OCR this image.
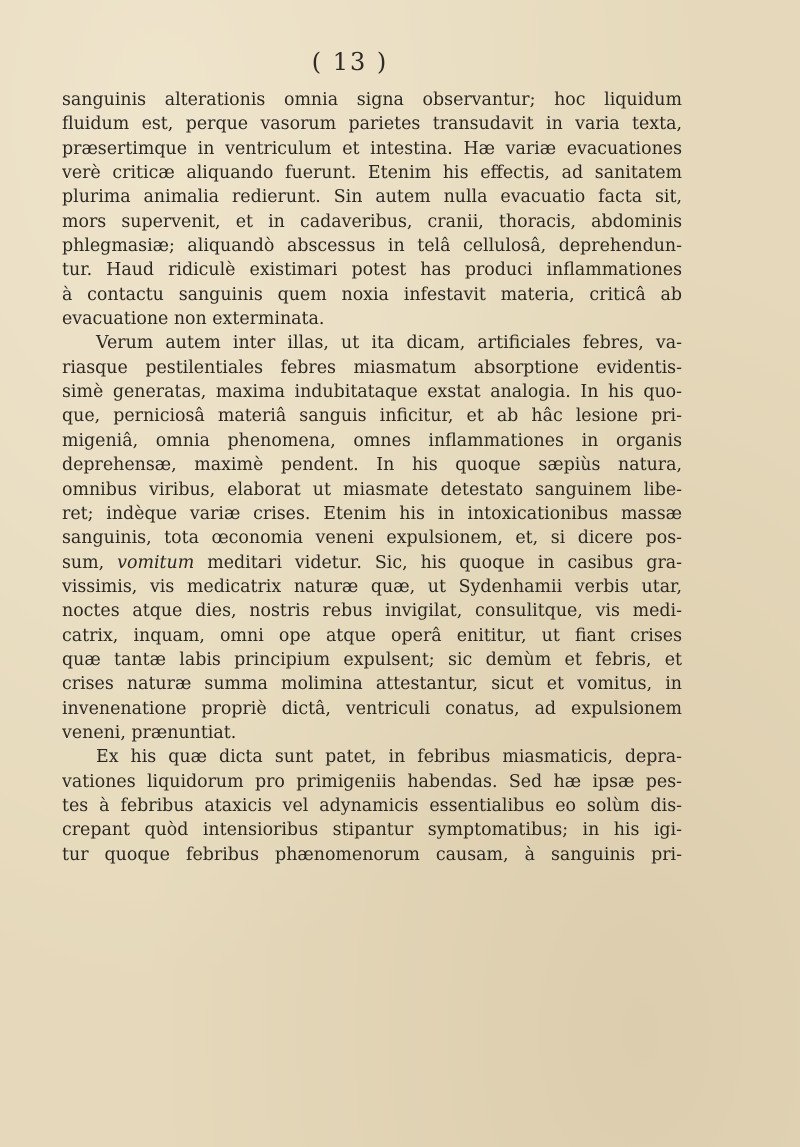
( 13 )
sanguinis alterationis omnia signa observantur; hoc liquidum
fluidum est, perque vasorum parietes transudavit in varia texta,
præsertimque in ventriculum et intestina. Hæ variæ evacuationes
verè criticæ aliquando fuerunt. Etenim his effectis, ad sanitatem
plurima animalia redierunt. Sin autem nulla evacuatio facta sit,
mors supervenit, et in cadaveribus, cranii, thoracis, abdominis
phlegmasiæ; aliquandò abscessus in telâ cellulosâ, deprehendun-
tur. Haud ridiculè existimari potest has produci inflammationes
à contactu sanguinis quem noxia infestavit materia, criticâ ab
evacuatione non exterminata.
Verum autem inter illas, ut ita dicam, artificiales febres, va-
riasque pestilentiales febres miasmatum absorptione evidentis-
simè generatas, maxima indubitataque exstat analogia. In his quo-
que, perniciosâ materiâ sanguis inficitur, et ab hâc lesione pri-
migeniâ, omnia phenomena, omnes inflammationes in organis
deprehensæ, maximè pendent. In his quoque sæpiùs natura,
omnibus viribus, elaborat ut miasmate detestato sanguinem libe-
ret; indèque variæ crises. Etenim his in intoxicationibus massæ
sanguinis, tota œconomia veneni expulsionem, et, si dicere pos-
sum, vomitum meditari videtur. Sic, his quoque in casibus gra-
vissimis, vis medicatrix naturæ quæ, ut Sydenhamii verbis utar,
noctes atque dies, nostris rebus invigilat, consulitque, vis medi-
catrix, inquam, omni ope atque operâ enititur, ut fiant crises
quæ tantæ labis principium expulsent; sic demùm et febris, et
crises naturæ summa molimina attestantur, sicut et vomitus, in
invenenatione propriè dictâ, ventriculi conatus, ad expulsionem
veneni, prænuntiat.
Ex his quæ dicta sunt patet, in febribus miasmaticis, depra-
vationes liquidorum pro primigeniis habendas. Sed hæ ipsæ pes-
tes à febribus ataxicis vel adynamicis essentialibus eo solùm dis-
crepant quòd intensioribus stipantur symptomatibus; in his igi-
tur quoque febribus phænomenorum causam, à sanguinis pri-
